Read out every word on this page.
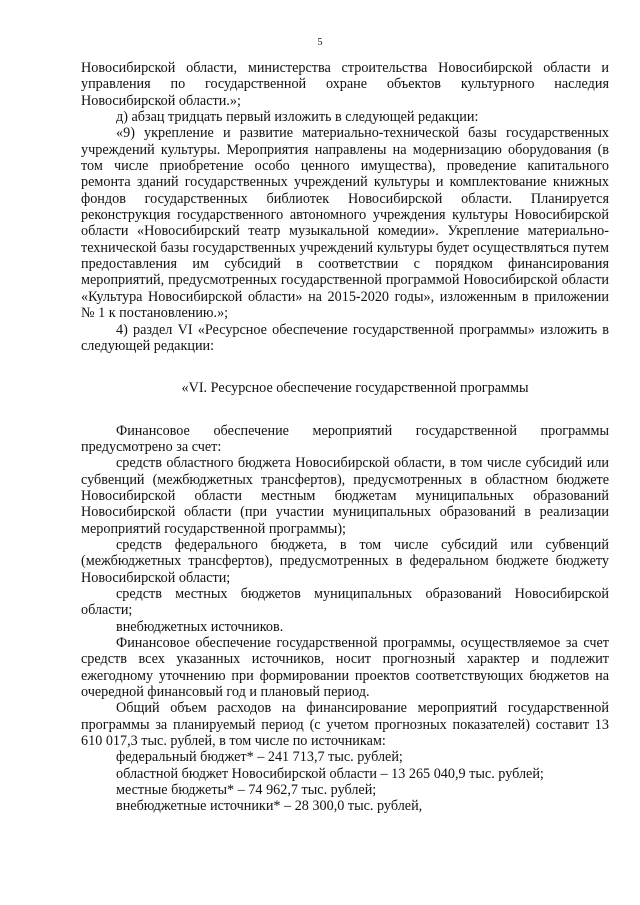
5

Новосибирской области, министерства строительства Новосибирской области и управления по государственной охране объектов культурного наследия Новосибирской области.»;

д) абзац тридцать первый изложить в следующей редакции:

«9) укрепление и развитие материально-технической базы государственных учреждений культуры. Мероприятия направлены на модернизацию оборудования (в том числе приобретение особо ценного имущества), проведение капитального ремонта зданий государственных учреждений культуры и комплектование книжных фондов государственных библиотек Новосибирской области. Планируется реконструкция государственного автономного учреждения культуры Новосибирской области «Новосибирский театр музыкальной комедии». Укрепление материально-технической базы государственных учреждений культуры будет осуществляться путем предоставления им субсидий в соответствии с порядком финансирования мероприятий, предусмотренных государственной программой Новосибирской области «Культура Новосибирской области» на 2015-2020 годы», изложенным в приложении № 1 к постановлению.»;

4) раздел VI «Ресурсное обеспечение государственной программы» изложить в следующей редакции:

«VI. Ресурсное обеспечение государственной программы

Финансовое обеспечение мероприятий государственной программы предусмотрено за счет:

средств областного бюджета Новосибирской области, в том числе субсидий или субвенций (межбюджетных трансфертов), предусмотренных в областном бюджете Новосибирской области местным бюджетам муниципальных образований Новосибирской области (при участии муниципальных образований в реализации мероприятий государственной программы);

средств федерального бюджета, в том числе субсидий или субвенций (межбюджетных трансфертов), предусмотренных в федеральном бюджете бюджету Новосибирской области;

средств местных бюджетов муниципальных образований Новосибирской области;

внебюджетных источников.

Финансовое обеспечение государственной программы, осуществляемое за счет средств всех указанных источников, носит прогнозный характер и подлежит ежегодному уточнению при формировании проектов соответствующих бюджетов на очередной финансовый год и плановый период.

Общий объем расходов на финансирование мероприятий государственной программы за планируемый период (с учетом прогнозных показателей) составит 13 610 017,3 тыс. рублей, в том числе по источникам:

федеральный бюджет* – 241 713,7 тыс. рублей;

областной бюджет Новосибирской области – 13 265 040,9 тыс. рублей;

местные бюджеты* – 74 962,7 тыс. рублей;

внебюджетные источники* – 28 300,0 тыс. рублей,
